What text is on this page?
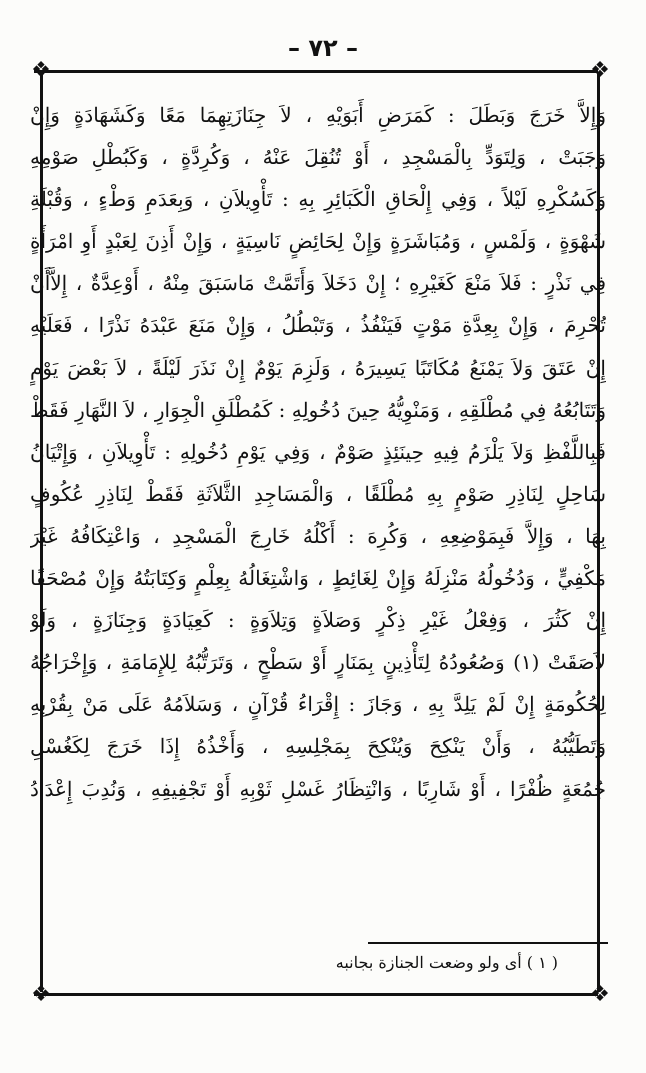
– ٧٢ –
❖	❖
❖	❖
وَإِلاَّ خَرَجَ وَبَطَلَ : كَمَرَضِ أَبَوَيْهِ ، لاَ جِنَازَتِهِمَا مَعًا وَكَشَهَادَةٍ وَإِنْ
وَجَبَتْ ، وَلِتَوَدٍّ بِالْمَسْجِدِ ، أَوْ تُنُقِلَ عَنْهُ ، وَكُرِدَّةٍ ، وَكَبُطْلِ صَوْمِهِ
وَكَسُكْرِهِ لَيْلاً ، وَفِي إِلْحَاقِ الْكَبَائِرِ بِهِ : تَأْوِيلاَنِ ، وَبِعَدَمِ وَطْءٍ ، وَقُبْلَةِ
شَهْوَةٍ ، وَلَمْسٍ ، وَمُبَاشَرَةٍ وَإِنْ لِحَائِضٍ نَاسِيَةٍ ، وَإِنْ أَذِنَ لِعَبْدٍ أَوِ امْرَأَةٍ
فِي نَذْرٍ : فَلاَ مَنْعَ كَغَيْرِهِ ؛ إِنْ دَخَلاَ وَأَتَمَّتْ مَاسَبَقَ مِنْهُ ، أَوْعِدَّةٌ ، إِلاَّأَنْ
تُحْرِمَ ، وَإِنْ بِعِدَّةِ مَوْتٍ فَيَنْفُذُ ، وَتَبْطُلُ ، وَإِنْ مَنَعَ عَبْدَهُ نَذْرًا ، فَعَلَيْهِ
إِنْ عَتَقَ وَلاَ يَمْنَعُ مُكَاتَبًا يَسِيرَهُ ، وَلَزِمَ يَوْمٌ إِنْ نَذَرَ لَيْلَةً ، لاَ بَعْضَ يَوْمٍ
وَتَتَابُعُهُ فِي مُطْلَقِهِ ، وَمَنْوِيُّهُ حِينَ دُخُولِهِ : كَمُطْلَقِ الْجِوَارِ ، لاَ النَّهَارِ فَقَطْ
فَبِاللَّفْظِ وَلاَ يَلْزَمُ فِيهِ حِينَئِذٍ صَوْمٌ ، وَفِي يَوْمِ دُخُولِهِ : تَأْوِيلاَنِ ، وَإِتْيَانُ
سَاحِلٍ لِنَاذِرِ صَوْمٍ بِهِ مُطْلَقًا ، وَالْمَسَاجِدِ الثَّلاَثَةِ فَقَطْ لِنَاذِرِ عُكُوفٍ
بِهَا ، وَإِلاَّ فَبِمَوْضِعِهِ ، وَكُرِهَ : أَكْلُهُ خَارِجَ الْمَسْجِدِ ، وَاعْتِكَافُهُ غَيْرَ
مَكْفِيٍّ ، وَدُخُولُهُ مَنْزِلَهُ وَإِنْ لِغَائِطٍ ، وَاشْتِغَالُهُ بِعِلْمٍ وَكِتَابَتُهُ وَإِنْ مُصْحَفًا
إِنْ كَثُرَ ، وَفِعْلُ غَيْرِ ذِكْرٍ وَصَلاَةٍ وَتِلاَوَةٍ : كَعِيَادَةٍ وَجِنَازَةٍ ، وَلَوْ
لاَصَقَتْ (١) وَصُعُودُهُ لِتَأْذِينٍ بِمَنَارٍ أَوْ سَطْحٍ ، وَتَرَتُّبُهُ لِلإِمَامَةِ ، وَإِخْرَاجُهُ
لِحُكُومَةٍ إِنْ لَمْ يَلِدَّ بِهِ ، وَجَازَ : إِقْرَاءُ قُرْآنٍ ، وَسَلاَمُهُ عَلَى مَنْ بِقُرْبِهِ
وَتَطَيُّبُهُ ، وَأَنْ يَنْكِحَ وَيُنْكِحَ بِمَجْلِسِهِ ، وَأَخْذُهُ إِذَا خَرَجَ لِكَغُسْلِ
جُمُعَةٍ ظُفْرًا ، أَوْ شَارِبًا ، وَانْتِظَارُ غَسْلِ ثَوْبِهِ أَوْ تَجْفِيفِهِ ، وَنُدِبَ إِعْدَادُ
( ١ ) أى ولو وضعت الجنازة بجانبه
